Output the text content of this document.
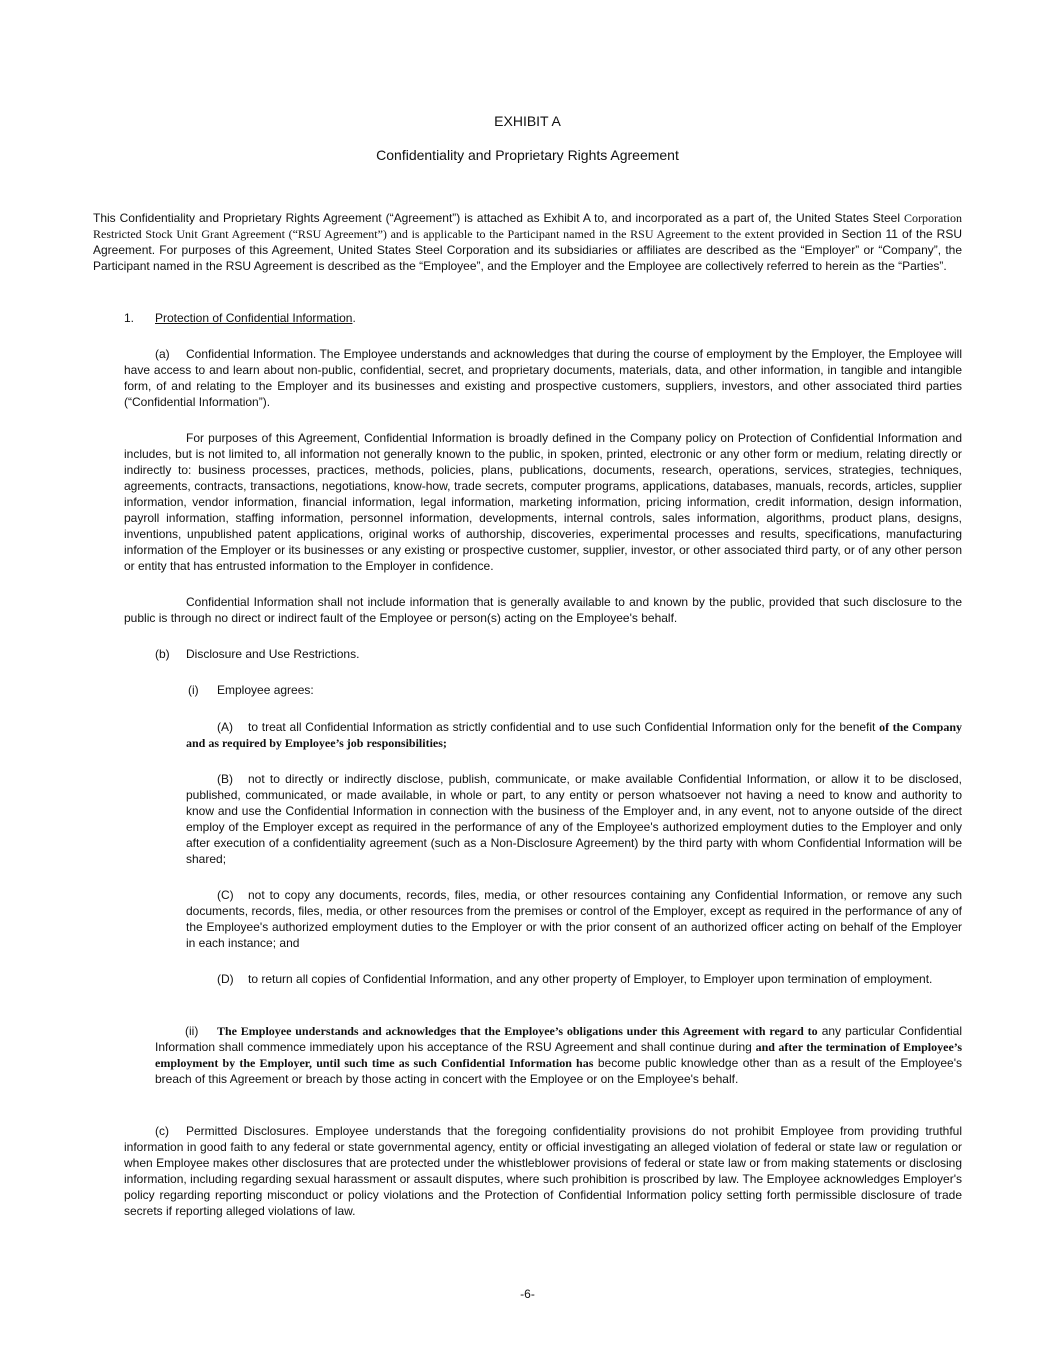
EXHIBIT A
Confidentiality and Proprietary Rights Agreement

This Confidentiality and Proprietary Rights Agreement (“Agreement”) is attached as Exhibit A to, and incorporated as a part of, the United States Steel Corporation Restricted Stock Unit Grant Agreement (“RSU Agreement”) and is applicable to the Participant named in the RSU Agreement to the extent provided in Section 11 of the RSU Agreement. For purposes of this Agreement, United States Steel Corporation and its subsidiaries or affiliates are described as the “Employer” or “Company”, the Participant named in the RSU Agreement is described as the “Employee”, and the Employer and the Employee are collectively referred to herein as the “Parties”.

1. Protection of Confidential Information.

(a) Confidential Information. The Employee understands and acknowledges that during the course of employment by the Employer, the Employee will have access to and learn about non-public, confidential, secret, and proprietary documents, materials, data, and other information, in tangible and intangible form, of and relating to the Employer and its businesses and existing and prospective customers, suppliers, investors, and other associated third parties (“Confidential Information”).

For purposes of this Agreement, Confidential Information is broadly defined in the Company policy on Protection of Confidential Information and includes, but is not limited to, all information not generally known to the public, in spoken, printed, electronic or any other form or medium, relating directly or indirectly to: business processes, practices, methods, policies, plans, publications, documents, research, operations, services, strategies, techniques, agreements, contracts, transactions, negotiations, know-how, trade secrets, computer programs, applications, databases, manuals, records, articles, supplier information, vendor information, financial information, legal information, marketing information, pricing information, credit information, design information, payroll information, staffing information, personnel information, developments, internal controls, sales information, algorithms, product plans, designs, inventions, unpublished patent applications, original works of authorship, discoveries, experimental processes and results, specifications, manufacturing information of the Employer or its businesses or any existing or prospective customer, supplier, investor, or other associated third party, or of any other person or entity that has entrusted information to the Employer in confidence.

Confidential Information shall not include information that is generally available to and known by the public, provided that such disclosure to the public is through no direct or indirect fault of the Employee or person(s) acting on the Employee's behalf.

(b) Disclosure and Use Restrictions.
(i) Employee agrees:

(A) to treat all Confidential Information as strictly confidential and to use such Confidential Information only for the benefit of the Company and as required by Employee’s job responsibilities;

(B) not to directly or indirectly disclose, publish, communicate, or make available Confidential Information, or allow it to be disclosed, published, communicated, or made available, in whole or part, to any entity or person whatsoever not having a need to know and authority to know and use the Confidential Information in connection with the business of the Employer and, in any event, not to anyone outside of the direct employ of the Employer except as required in the performance of any of the Employee's authorized employment duties to the Employer and only after execution of a confidentiality agreement (such as a Non-Disclosure Agreement) by the third party with whom Confidential Information will be shared;

(C) not to copy any documents, records, files, media, or other resources containing any Confidential Information, or remove any such documents, records, files, media, or other resources from the premises or control of the Employer, except as required in the performance of any of the Employee's authorized employment duties to the Employer or with the prior consent of an authorized officer acting on behalf of the Employer in each instance; and

(D) to return all copies of Confidential Information, and any other property of Employer, to Employer upon termination of employment.

(ii) The Employee understands and acknowledges that the Employee’s obligations under this Agreement with regard to any particular Confidential Information shall commence immediately upon his acceptance of the RSU Agreement and shall continue during and after the termination of Employee’s employment by the Employer, until such time as such Confidential Information has become public knowledge other than as a result of the Employee's breach of this Agreement or breach by those acting in concert with the Employee or on the Employee's behalf.

(c) Permitted Disclosures. Employee understands that the foregoing confidentiality provisions do not prohibit Employee from providing truthful information in good faith to any federal or state governmental agency, entity or official investigating an alleged violation of federal or state law or regulation or when Employee makes other disclosures that are protected under the whistleblower provisions of federal or state law or from making statements or disclosing information, including regarding sexual harassment or assault disputes, where such prohibition is proscribed by law. The Employee acknowledges Employer's policy regarding reporting misconduct or policy violations and the Protection of Confidential Information policy setting forth permissible disclosure of trade secrets if reporting alleged violations of law.

-6-
